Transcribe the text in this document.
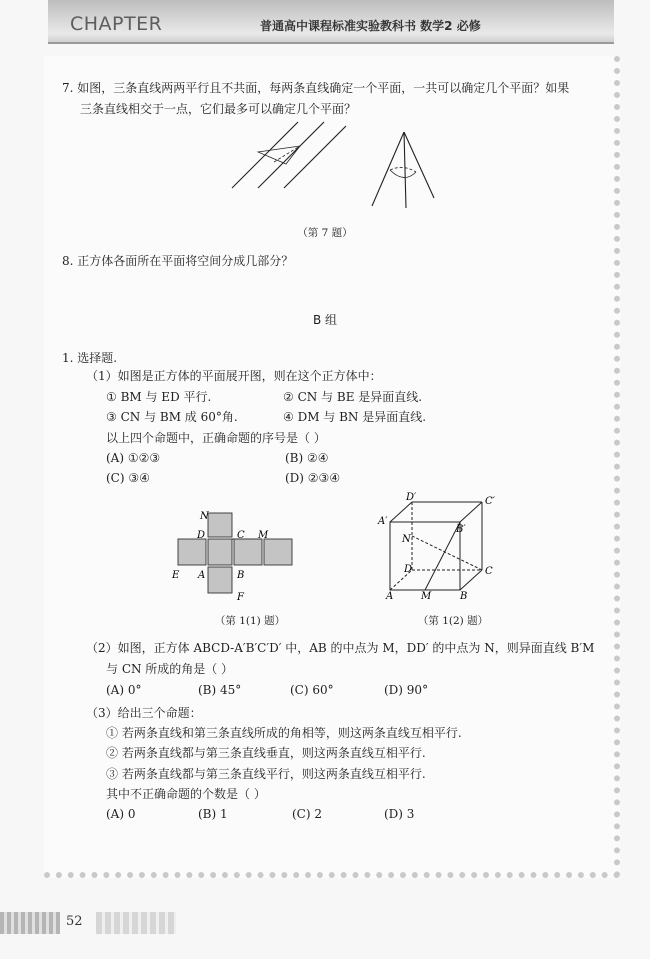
CHAPTER	普通高中课程标准实验教科书 数学2 必修
7. 如图，三条直线两两平行且不共面，每两条直线确定一个平面，一共可以确定几个平面？如果
三条直线相交于一点，它们最多可以确定几个平面？
（第 7 题）
8. 正方体各面所在平面将空间分成几部分？
B 组
1. 选择题.
（1）如图是正方体的平面展开图，则在这个正方体中：
① BM 与 ED 平行.	② CN 与 BE 是异面直线.
③ CN 与 BM 成 60°角.	④ DM 与 BN 是异面直线.
以上四个命题中，正确命题的序号是（ ）
(A) ①②③	(B) ②④
(C) ③④	(D) ②③④
N
D	C M
E A	B
F
D′	C′
A′
B′
N
D	C
A	M	B
（第 1(1) 题）	（第 1(2) 题）
（2）如图，正方体 ABCD-A′B′C′D′ 中，AB 的中点为 M，DD′ 的中点为 N，则异面直线 B′M
与 CN 所成的角是（ ）
(A) 0°	(B) 45°	(C) 60°	(D) 90°
（3）给出三个命题：
① 若两条直线和第三条直线所成的角相等，则这两条直线互相平行.
② 若两条直线都与第三条直线垂直，则这两条直线互相平行.
③ 若两条直线都与第三条直线平行，则这两条直线互相平行.
其中不正确命题的个数是（ ）
(A) 0	(B) 1	(C) 2	(D) 3
52
